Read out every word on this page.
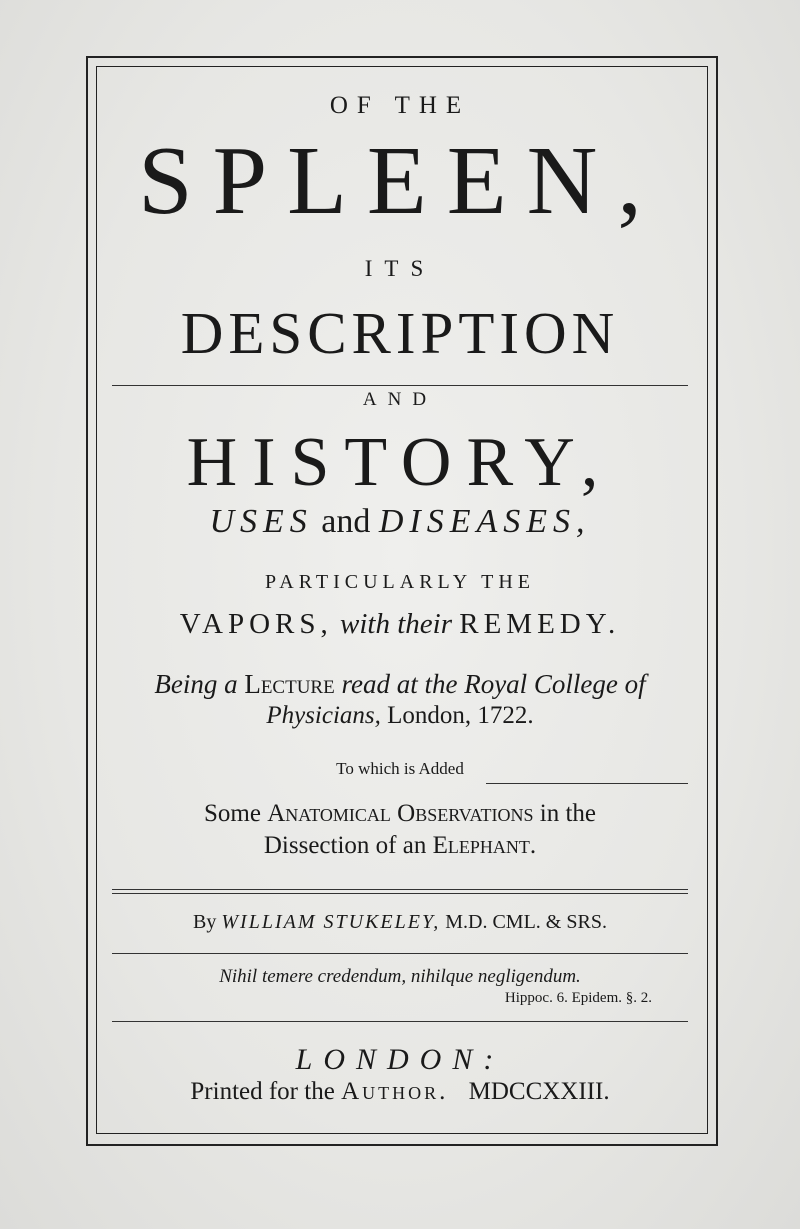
OF THE
SPLEEN,
ITS
DESCRIPTION
AND
HISTORY,
USES and DISEASES,
PARTICULARLY THE
VAPORS, with their REMEDY.
Being a Lecture read at the Royal College of
Physicians, London, 1722.
To which is Added
Some Anatomical Observations in the
Dissection of an Elephant.
By WILLIAM STUKELEY, M.D. CML. & SRS.
Nihil temere credendum, nihilque negligendum.
Hippoc. 6. Epidem. §. 2.
LONDON:
Printed for the Author. MDCCXXIII.
